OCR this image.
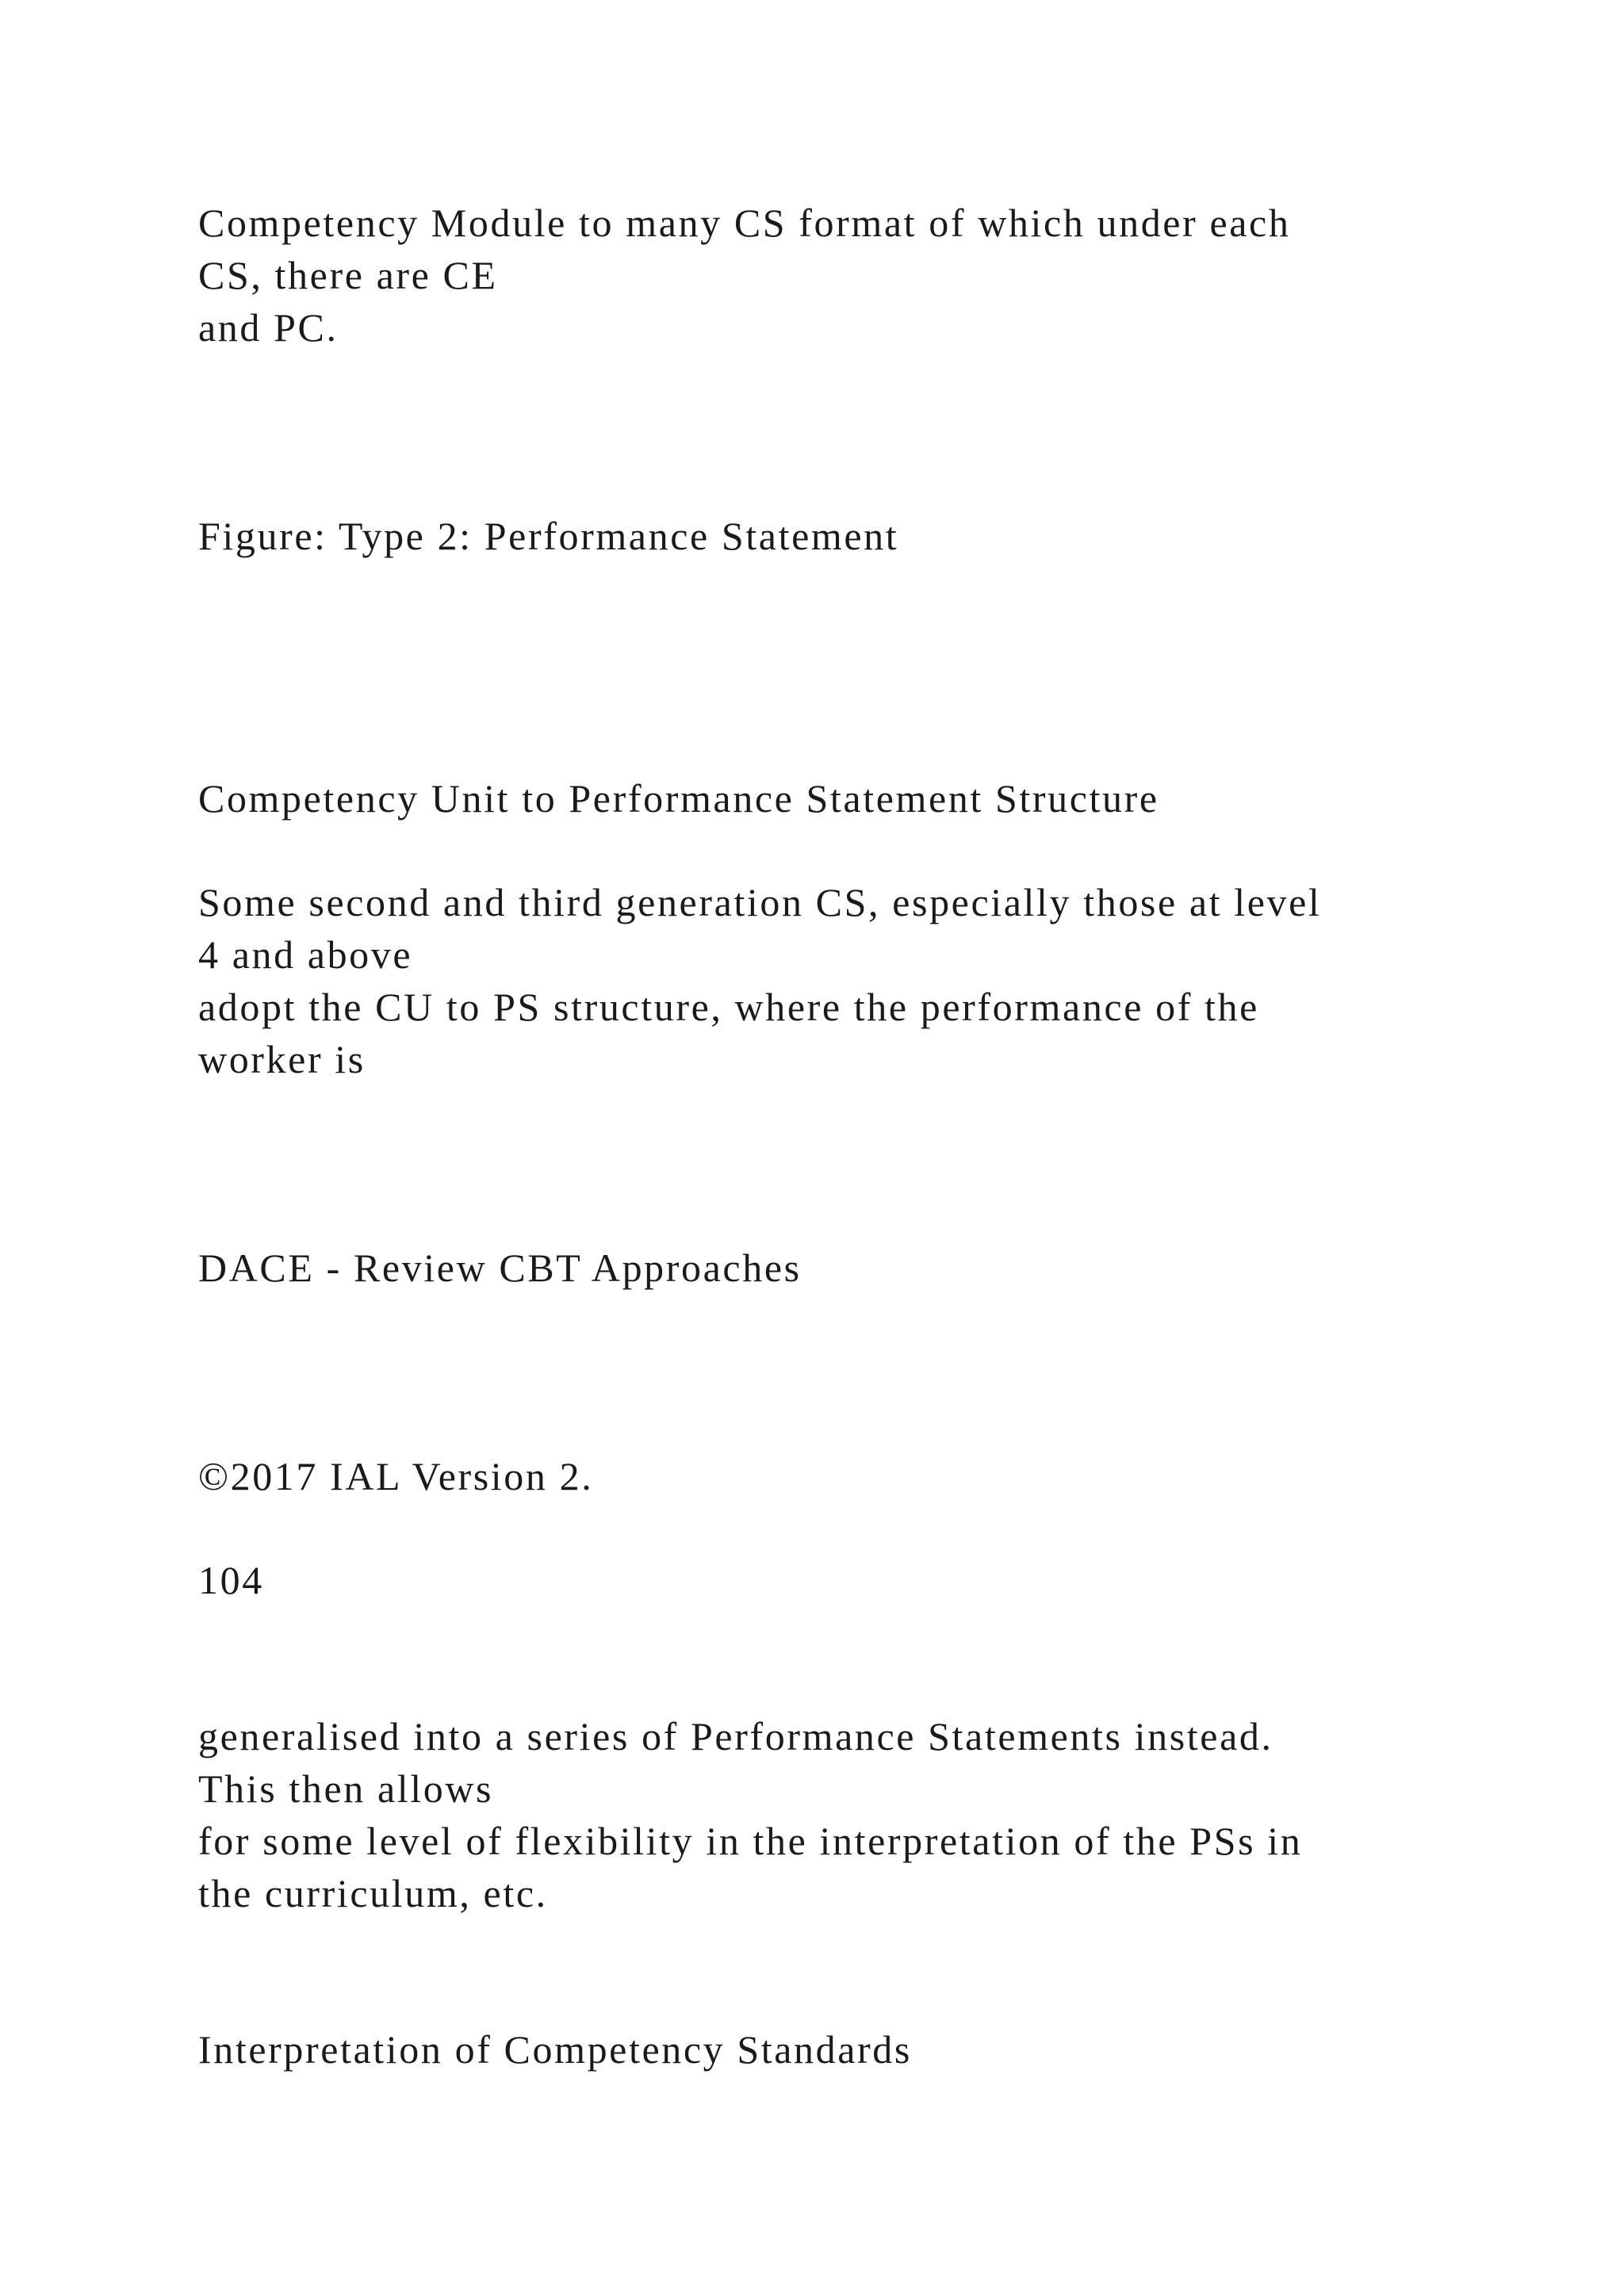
Competency Module to many CS format of which under each

CS, there are CE

and PC.

Figure: Type 2: Performance Statement

Competency Unit to Performance Statement Structure

Some second and third generation CS, especially those at level

4 and above

adopt the CU to PS structure, where the performance of the

worker is

DACE - Review CBT Approaches

©2017 IAL Version 2.

104

generalised into a series of Performance Statements instead.

This then allows

for some level of flexibility in the interpretation of the PSs in

the curriculum, etc.

Interpretation of Competency Standards
